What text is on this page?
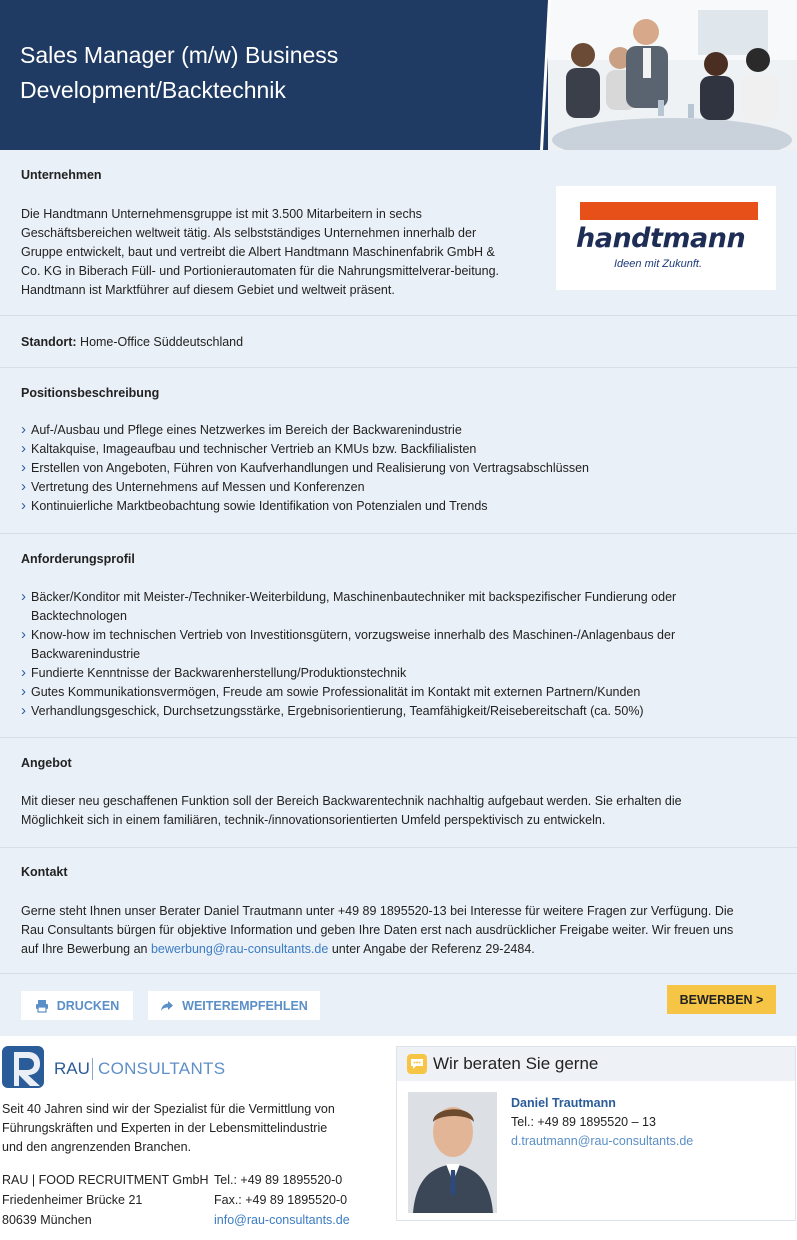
Sales Manager (m/w) Business
Development/Backtechnik
Unternehmen
Die Handtmann Unternehmensgruppe ist mit 3.500 Mitarbeitern in sechs
Geschäftsbereichen weltweit tätig. Als selbstständiges Unternehmen innerhalb der
Gruppe entwickelt, baut und vertreibt die Albert Handtmann Maschinenfabrik GmbH &
Co. KG in Biberach Füll- und Portionierautomaten für die Nahrungsmittelverar-beitung.
Handtmann ist Marktführer auf diesem Gebiet und weltweit präsent.
handtmann
Ideen mit Zukunft.
Standort: Home-Office Süddeutschland
Positionsbeschreibung
› Auf-/Ausbau und Pflege eines Netzwerkes im Bereich der Backwarenindustrie
› Kaltakquise, Imageaufbau und technischer Vertrieb an KMUs bzw. Backfilialisten
› Erstellen von Angeboten, Führen von Kaufverhandlungen und Realisierung von Vertragsabschlüssen
› Vertretung des Unternehmens auf Messen und Konferenzen
› Kontinuierliche Marktbeobachtung sowie Identifikation von Potenzialen und Trends
Anforderungsprofil
› Bäcker/Konditor mit Meister-/Techniker-Weiterbildung, Maschinenbautechniker mit backspezifischer Fundierung oder Backtechnologen
› Know-how im technischen Vertrieb von Investitionsgütern, vorzugsweise innerhalb des Maschinen-/Anlagenbaus der Backwarenindustrie
› Fundierte Kenntnisse der Backwarenherstellung/Produktionstechnik
› Gutes Kommunikationsvermögen, Freude am sowie Professionalität im Kontakt mit externen Partnern/Kunden
› Verhandlungsgeschick, Durchsetzungsstärke, Ergebnisorientierung, Teamfähigkeit/Reisebereitschaft (ca. 50%)
Angebot
Mit dieser neu geschaffenen Funktion soll der Bereich Backwarentechnik nachhaltig aufgebaut werden. Sie erhalten die
Möglichkeit sich in einem familiären, technik-/innovationsorientierten Umfeld perspektivisch zu entwickeln.
Kontakt
Gerne steht Ihnen unser Berater Daniel Trautmann unter +49 89 1895520-13 bei Interesse für weitere Fragen zur Verfügung. Die
Rau Consultants bürgen für objektive Information und geben Ihre Daten erst nach ausdrücklicher Freigabe weiter. Wir freuen uns
auf Ihre Bewerbung an bewerbung@rau-consultants.de unter Angabe der Referenz 29-2484.
DRUCKEN	WEITEREMPFEHLEN	BEWERBEN >
RAU CONSULTANTS
Seit 40 Jahren sind wir der Spezialist für die Vermittlung von
Führungskräften und Experten in der Lebensmittelindustrie
und den angrenzenden Branchen.
RAU | FOOD RECRUITMENT GmbH
Friedenheimer Brücke 21
80639 München
Tel.: +49 89 1895520-0
Fax.: +49 89 1895520-0
info@rau-consultants.de
Wir beraten Sie gerne
Daniel Trautmann
Tel.: +49 89 1895520 – 13
d.trautmann@rau-consultants.de
